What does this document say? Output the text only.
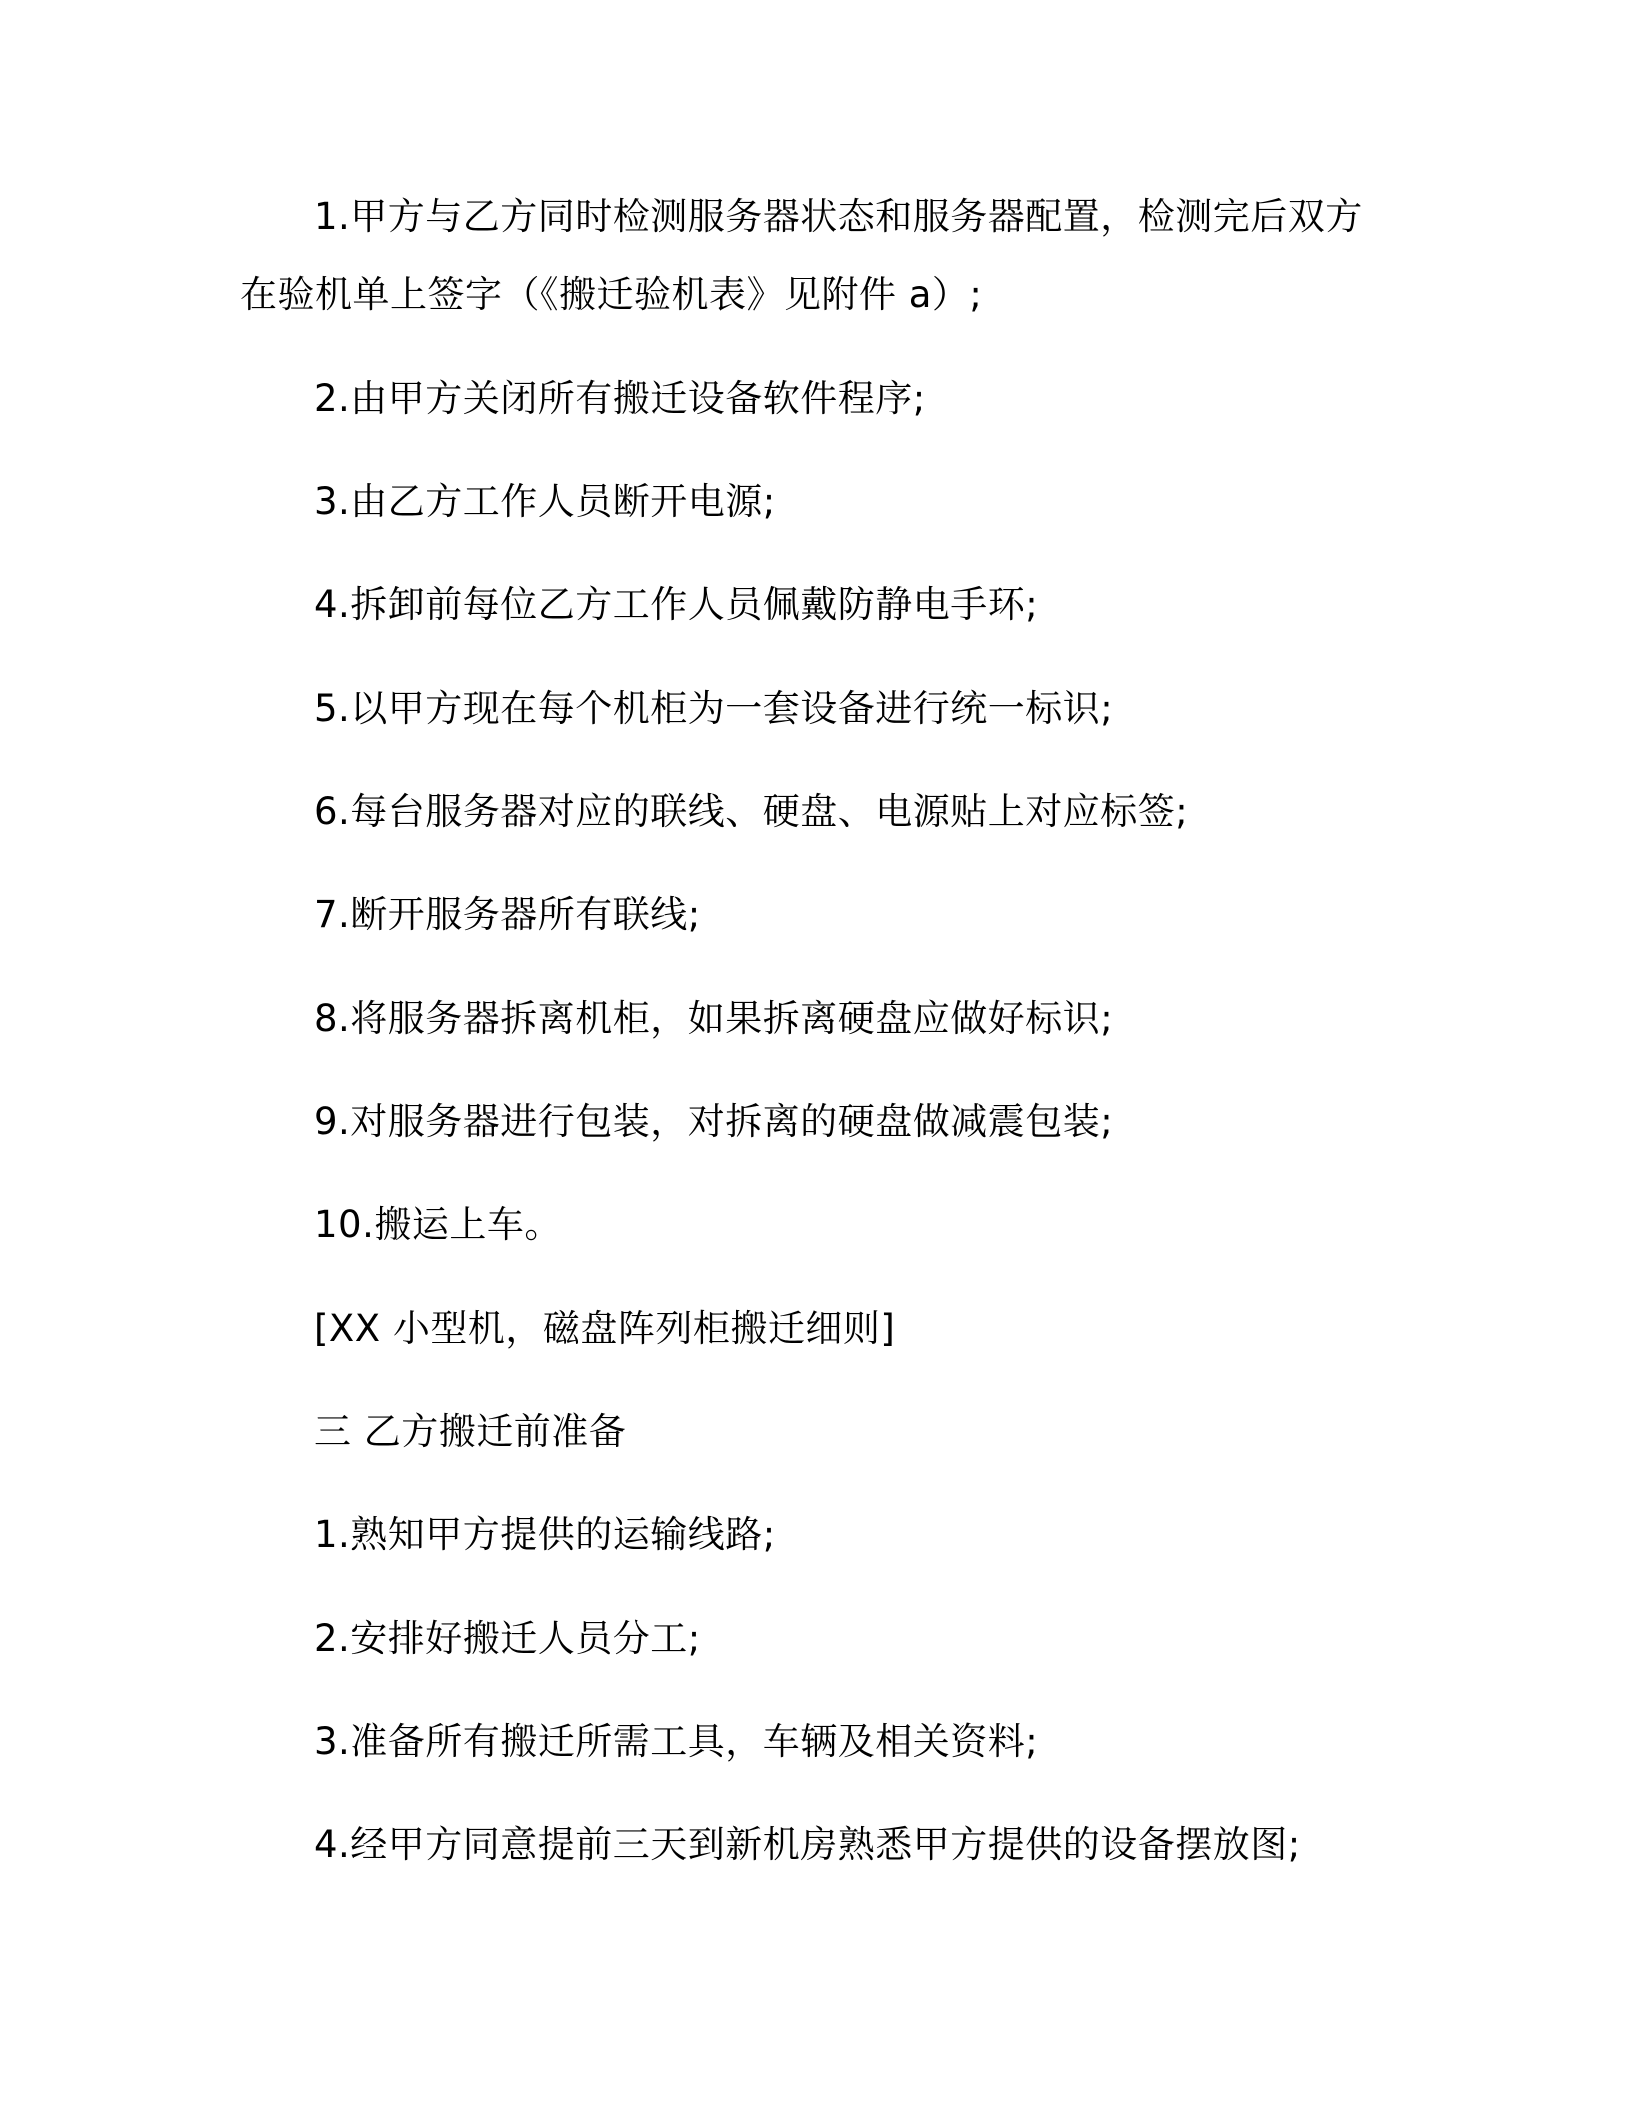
1.甲方与乙方同时检测服务器状态和服务器配置，检测完后双方
在验机单上签字（《搬迁验机表》见附件 a）;
2.由甲方关闭所有搬迁设备软件程序;
3.由乙方工作人员断开电源;
4.拆卸前每位乙方工作人员佩戴防静电手环;
5.以甲方现在每个机柜为一套设备进行统一标识;
6.每台服务器对应的联线、硬盘、电源贴上对应标签;
7.断开服务器所有联线;
8.将服务器拆离机柜，如果拆离硬盘应做好标识;
9.对服务器进行包装，对拆离的硬盘做减震包装;
10.搬运上车。
[XX 小型机，磁盘阵列柜搬迁细则]
三 乙方搬迁前准备
1.熟知甲方提供的运输线路;
2.安排好搬迁人员分工;
3.准备所有搬迁所需工具，车辆及相关资料;
4.经甲方同意提前三天到新机房熟悉甲方提供的设备摆放图;
